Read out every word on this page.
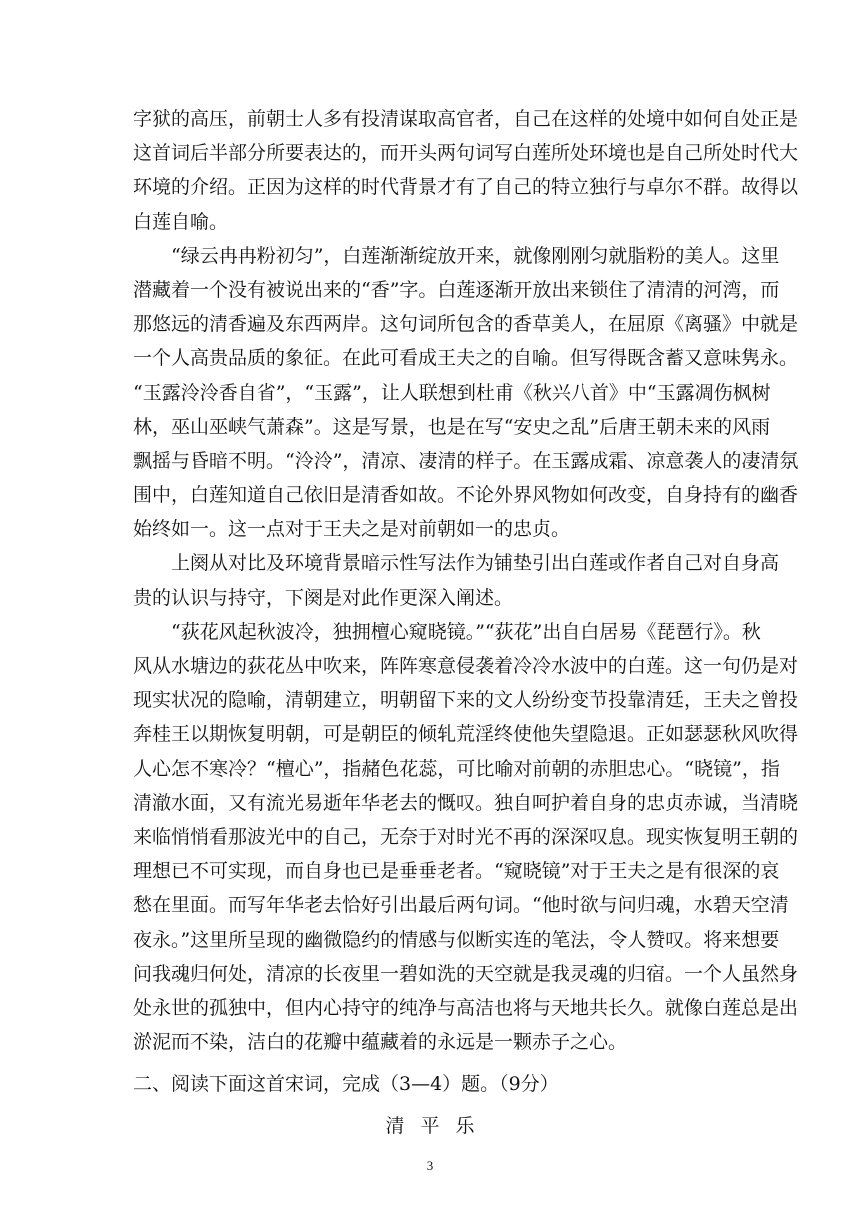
字狱的高压，前朝士人多有投清谋取高官者，自己在这样的处境中如何自处正是
这首词后半部分所要表达的，而开头两句词写白莲所处环境也是自己所处时代大
环境的介绍。正因为这样的时代背景才有了自己的特立独行与卓尔不群。故得以
白莲自喻。
“绿云冉冉粉初匀”，白莲渐渐绽放开来，就像刚刚匀就脂粉的美人。这里
潜藏着一个没有被说出来的“香”字。白莲逐渐开放出来锁住了清清的河湾，而
那悠远的清香遍及东西两岸。这句词所包含的香草美人，在屈原《离骚》中就是
一个人高贵品质的象征。在此可看成王夫之的自喻。但写得既含蓄又意味隽永。
“玉露泠泠香自省”，“玉露”，让人联想到杜甫《秋兴八首》中“玉露凋伤枫树
林，巫山巫峡气萧森”。这是写景，也是在写“安史之乱”后唐王朝未来的风雨
飘摇与昏暗不明。“泠泠”，清凉、凄清的样子。在玉露成霜、凉意袭人的凄清氛
围中，白莲知道自己依旧是清香如故。不论外界风物如何改变，自身持有的幽香
始终如一。这一点对于王夫之是对前朝如一的忠贞。
上阕从对比及环境背景暗示性写法作为铺垫引出白莲或作者自己对自身高
贵的认识与持守，下阕是对此作更深入阐述。
“荻花风起秋波冷，独拥檀心窥晓镜。”“荻花”出自白居易《琵琶行》。秋
风从水塘边的荻花丛中吹来，阵阵寒意侵袭着冷冷水波中的白莲。这一句仍是对
现实状况的隐喻，清朝建立，明朝留下来的文人纷纷变节投靠清廷，王夫之曾投
奔桂王以期恢复明朝，可是朝臣的倾轧荒淫终使他失望隐退。正如瑟瑟秋风吹得
人心怎不寒冷？“檀心”，指赭色花蕊，可比喻对前朝的赤胆忠心。“晓镜”，指
清澈水面，又有流光易逝年华老去的慨叹。独自呵护着自身的忠贞赤诚，当清晓
来临悄悄看那波光中的自己，无奈于对时光不再的深深叹息。现实恢复明王朝的
理想已不可实现，而自身也已是垂垂老者。“窥晓镜”对于王夫之是有很深的哀
愁在里面。而写年华老去恰好引出最后两句词。“他时欲与问归魂，水碧天空清
夜永。”这里所呈现的幽微隐约的情感与似断实连的笔法，令人赞叹。将来想要
问我魂归何处，清凉的长夜里一碧如洗的天空就是我灵魂的归宿。一个人虽然身
处永世的孤独中，但内心持守的纯净与高洁也将与天地共长久。就像白莲总是出
淤泥而不染，洁白的花瓣中蕴藏着的永远是一颗赤子之心。
二、阅读下面这首宋词，完成（3—4）题。（9分）
清平乐
3
